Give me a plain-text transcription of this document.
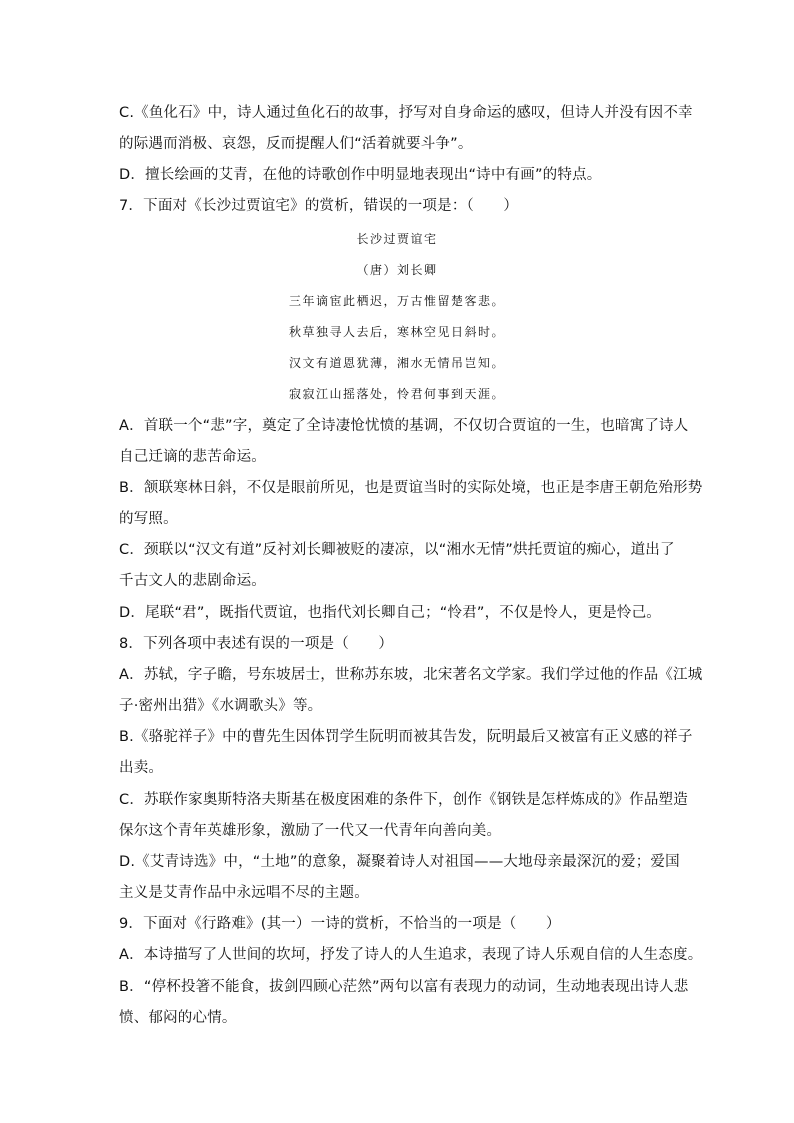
C.《鱼化石》中，诗人通过鱼化石的故事，抒写对自身命运的感叹，但诗人并没有因不幸
的际遇而消极、哀怨，反而提醒人们“活着就要斗争”。
D．擅长绘画的艾青，在他的诗歌创作中明显地表现出“诗中有画”的特点。
7．下面对《长沙过贾谊宅》的赏析，错误的一项是：（　　）
长沙过贾谊宅
（唐）刘长卿
三年谪宦此栖迟，万古惟留楚客悲。
秋草独寻人去后，寒林空见日斜时。
汉文有道恩犹薄，湘水无情吊岂知。
寂寂江山摇落处，怜君何事到天涯。
A．首联一个“悲”字，奠定了全诗凄怆忧愤的基调，不仅切合贾谊的一生，也暗寓了诗人
自己迁谪的悲苦命运。
B．颔联寒林日斜，不仅是眼前所见，也是贾谊当时的实际处境，也正是李唐王朝危殆形势
的写照。
C．颈联以“汉文有道”反衬刘长卿被贬的凄凉，以“湘水无情”烘托贾谊的痴心，道出了
千古文人的悲剧命运。
D．尾联“君”，既指代贾谊，也指代刘长卿自己；“怜君”，不仅是怜人，更是怜己。
8．下列各项中表述有误的一项是（　　）
A．苏轼，字子瞻，号东坡居士，世称苏东坡，北宋著名文学家。我们学过他的作品《江城
子·密州出猎》《水调歌头》等。
B.《骆驼祥子》中的曹先生因体罚学生阮明而被其告发，阮明最后又被富有正义感的祥子
出卖。
C．苏联作家奥斯特洛夫斯基在极度困难的条件下，创作《钢铁是怎样炼成的》作品塑造
保尔这个青年英雄形象，激励了一代又一代青年向善向美。
D.《艾青诗选》中，“土地”的意象，凝聚着诗人对祖国——大地母亲最深沉的爱；爱国
主义是艾青作品中永远唱不尽的主题。
9．下面对《行路难》(其一）一诗的赏析，不恰当的一项是（　　）
A．本诗描写了人世间的坎坷，抒发了诗人的人生追求，表现了诗人乐观自信的人生态度。
B．“停杯投箸不能食，拔剑四顾心茫然”两句以富有表现力的动词，生动地表现出诗人悲
愤、郁闷的心情。
